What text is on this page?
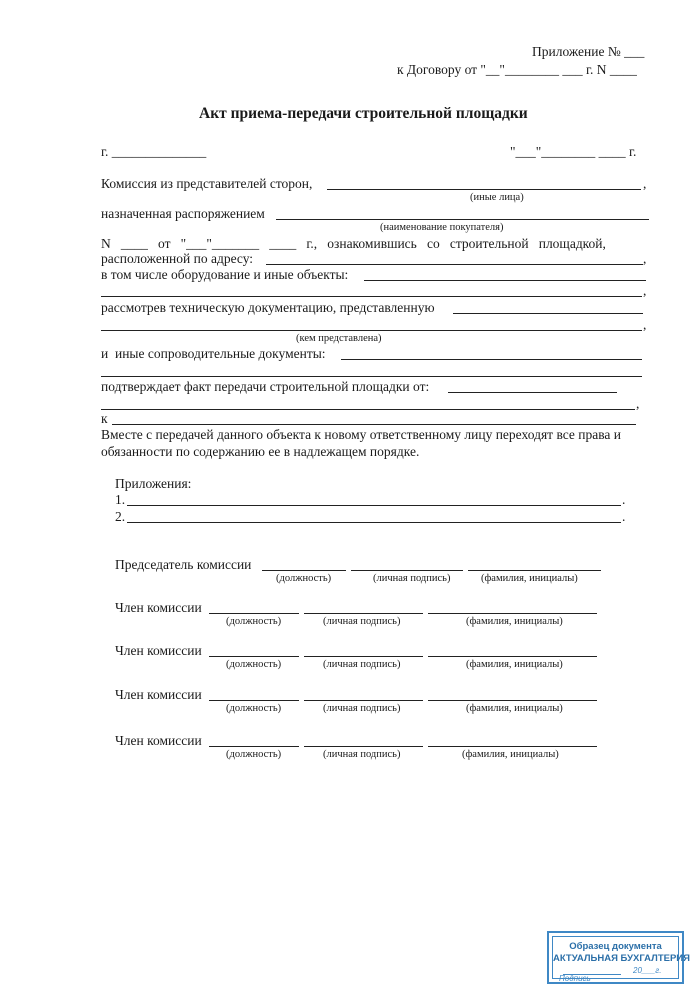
Приложение № ___
к Договору от "__"________ ___ г. N ____
Акт приема-передачи строительной площадки
г. ______________	"___"________ ____ г.
Комиссия из представителей сторон,	,
(иные лица)
назначенная распоряжением
(наименование покупателя)
N   ____   от   "___"_______   ____   г.,   ознакомившись   со   строительной   площадкой,
расположенной по адресу:	,
в том числе оборудование и иные объекты:
,
рассмотрев техническую документацию, представленную
,
(кем представлена)
и  иные сопроводительные документы:
подтверждает факт передачи строительной площадки от:
,
к
Вместе с передачей данного объекта к новому ответственному лицу переходят все права и
обязанности по содержанию ее в надлежащем порядке.
Приложения:
1.	.
2.	.
Председатель комиссии
(должность)	(личная подпись)	(фамилия, инициалы)
Член комиссии
(должность)	(личная подпись)	(фамилия, инициалы)
Член комиссии
(должность)	(личная подпись)	(фамилия, инициалы)
Член комиссии
(должность)	(личная подпись)	(фамилия, инициалы)
Член комиссии
(должность)	(личная подпись)	(фамилия, инициалы)
Образец документа
АКТУАЛЬНАЯ БУХГАЛТЕРИЯ
20___г.
Подпись
